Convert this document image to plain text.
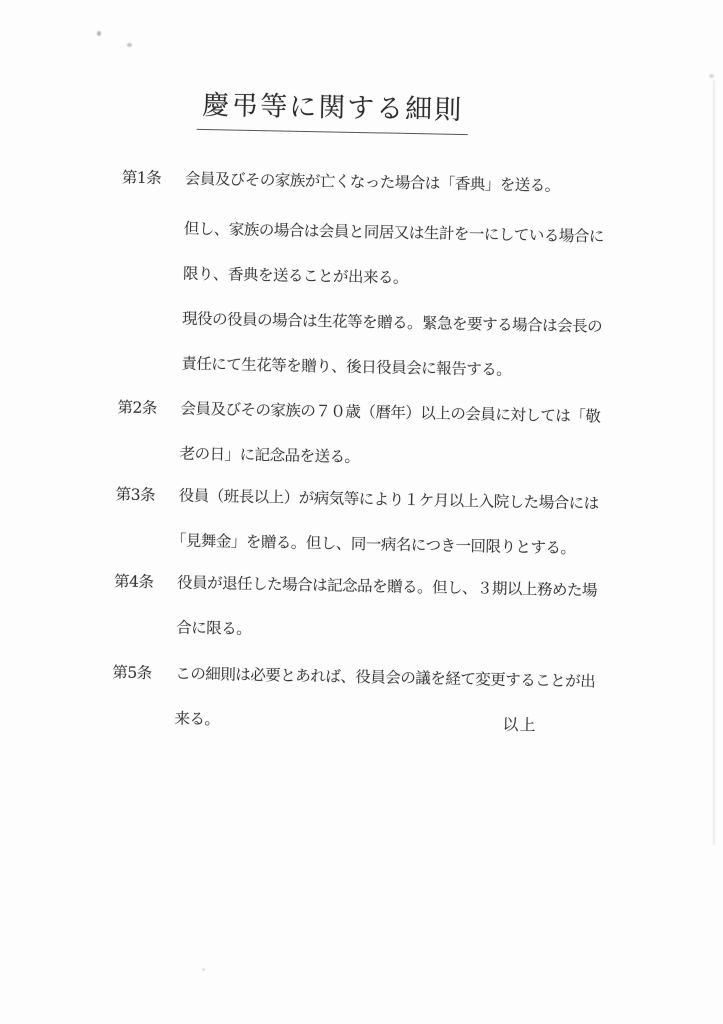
慶弔等に関する細則
第1条 会員及びその家族が亡くなった場合は「香典」を送る。
但し、家族の場合は会員と同居又は生計を一にしている場合に
限り、香典を送ることが出来る。
現役の役員の場合は生花等を贈る。緊急を要する場合は会長の
責任にて生花等を贈り、後日役員会に報告する。
第2条 会員及びその家族の７０歳（暦年）以上の会員に対しては「敬
老の日」に記念品を送る。
第3条 役員（班長以上）が病気等により１ケ月以上入院した場合には
「見舞金」を贈る。但し、同一病名につき一回限りとする。
第4条 役員が退任した場合は記念品を贈る。但し、３期以上務めた場
合に限る。
第5条 この細則は必要とあれば、役員会の議を経て変更することが出
来る。	以上
